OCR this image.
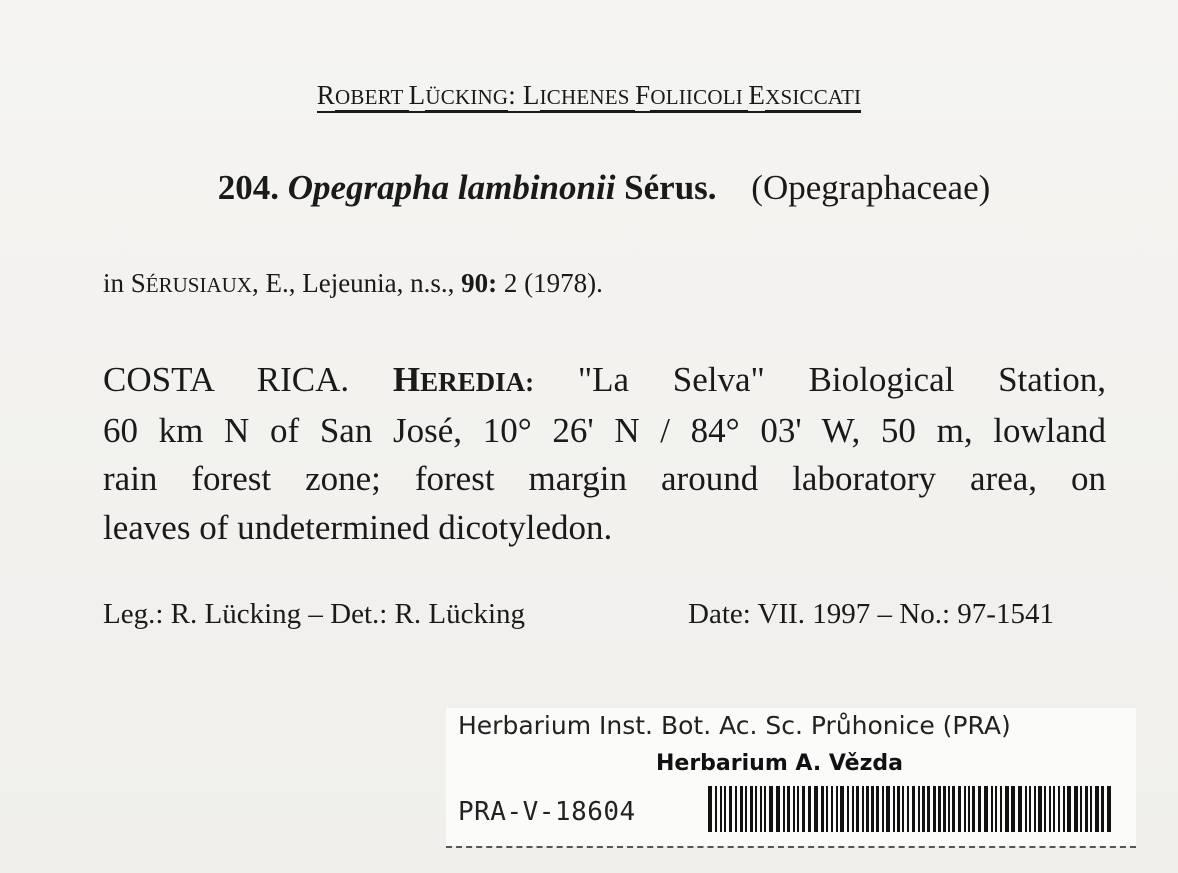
ROBERT LÜCKING: LICHENES FOLIICOLI EXSICCATI
204. Opegrapha lambinonii Sérus. (Opegraphaceae)
in SÉRUSIAUX, E., Lejeunia, n.s., 90: 2 (1978).
COSTA RICA. HEREDIA: "La Selva" Biological Station,
60 km N of San José, 10° 26' N / 84° 03' W, 50 m, lowland
rain forest zone; forest margin around laboratory area, on
leaves of undetermined dicotyledon.
Leg.: R. Lücking – Det.: R. Lücking	Date: VII. 1997 – No.: 97-1541
Herbarium Inst. Bot. Ac. Sc. Průhonice (PRA)
Herbarium A. Vězda
PRA-V-18604
